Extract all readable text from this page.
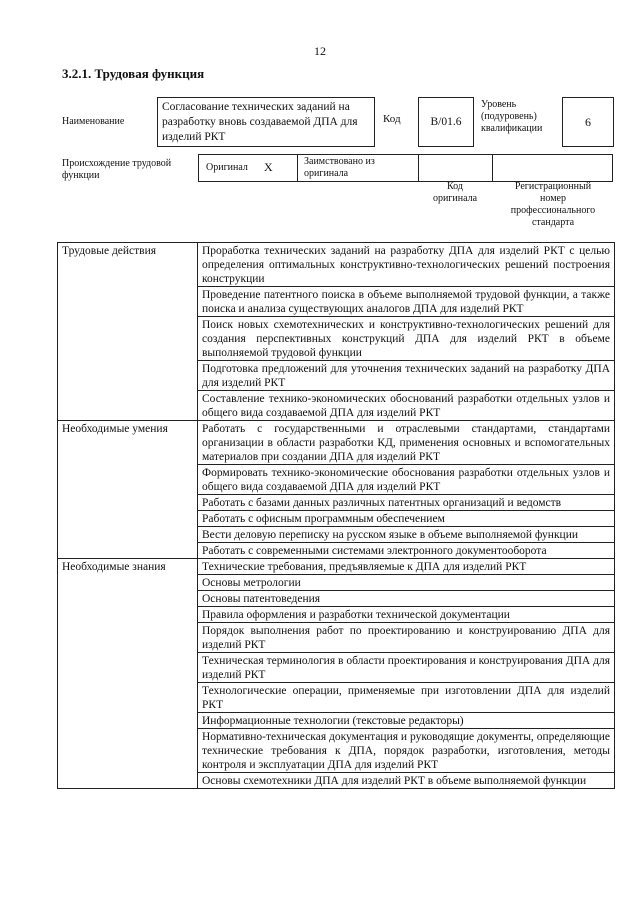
12
3.2.1. Трудовая функция
Наименование
Согласование технических заданий на разработку вновь создаваемой ДПА для изделий РКТ
Код	В/01.6
Уровень
(подуровень)
квалификации	6
Происхождение трудовой функции
Оригинал Х	Заимствовано из
оригинала
Код
оригинала
Регистрационный
номер
профессионального
стандарта
Трудовые действия	Проработка технических заданий на разработку ДПА для изделий РКТ с целью определения оптимальных конструктивно-технологических решений построения конструкции
	Проведение патентного поиска в объеме выполняемой трудовой функции, а также поиска и анализа существующих аналогов ДПА для изделий РКТ
	Поиск новых схемотехнических и конструктивно-технологических решений для создания перспективных конструкций ДПА для изделий РКТ в объеме выполняемой трудовой функции
	Подготовка предложений для уточнения технических заданий на разработку ДПА для изделий РКТ
	Составление технико-экономических обоснований разработки отдельных узлов и общего вида создаваемой ДПА для изделий РКТ
Необходимые умения	Работать с государственными и отраслевыми стандартами, стандартами организации в области разработки КД, применения основных и вспомогательных материалов при создании ДПА для изделий РКТ
	Формировать технико-экономические обоснования разработки отдельных узлов и общего вида создаваемой ДПА для изделий РКТ
	Работать с базами данных различных патентных организаций и ведомств
	Работать с офисным программным обеспечением
	Вести деловую переписку на русском языке в объеме выполняемой функции
	Работать с современными системами электронного документооборота
Необходимые знания	Технические требования, предъявляемые к ДПА для изделий РКТ
	Основы метрологии
	Основы патентоведения
	Правила оформления и разработки технической документации
	Порядок выполнения работ по проектированию и конструированию ДПА для изделий РКТ
	Техническая терминология в области проектирования и конструирования ДПА для изделий РКТ
	Технологические операции, применяемые при изготовлении ДПА для изделий РКТ
	Информационные технологии (текстовые редакторы)
	Нормативно-техническая документация и руководящие документы, определяющие технические требования к ДПА, порядок разработки, изготовления, методы контроля и эксплуатации ДПА для изделий РКТ
	Основы схемотехники ДПА для изделий РКТ в объеме выполняемой функции
